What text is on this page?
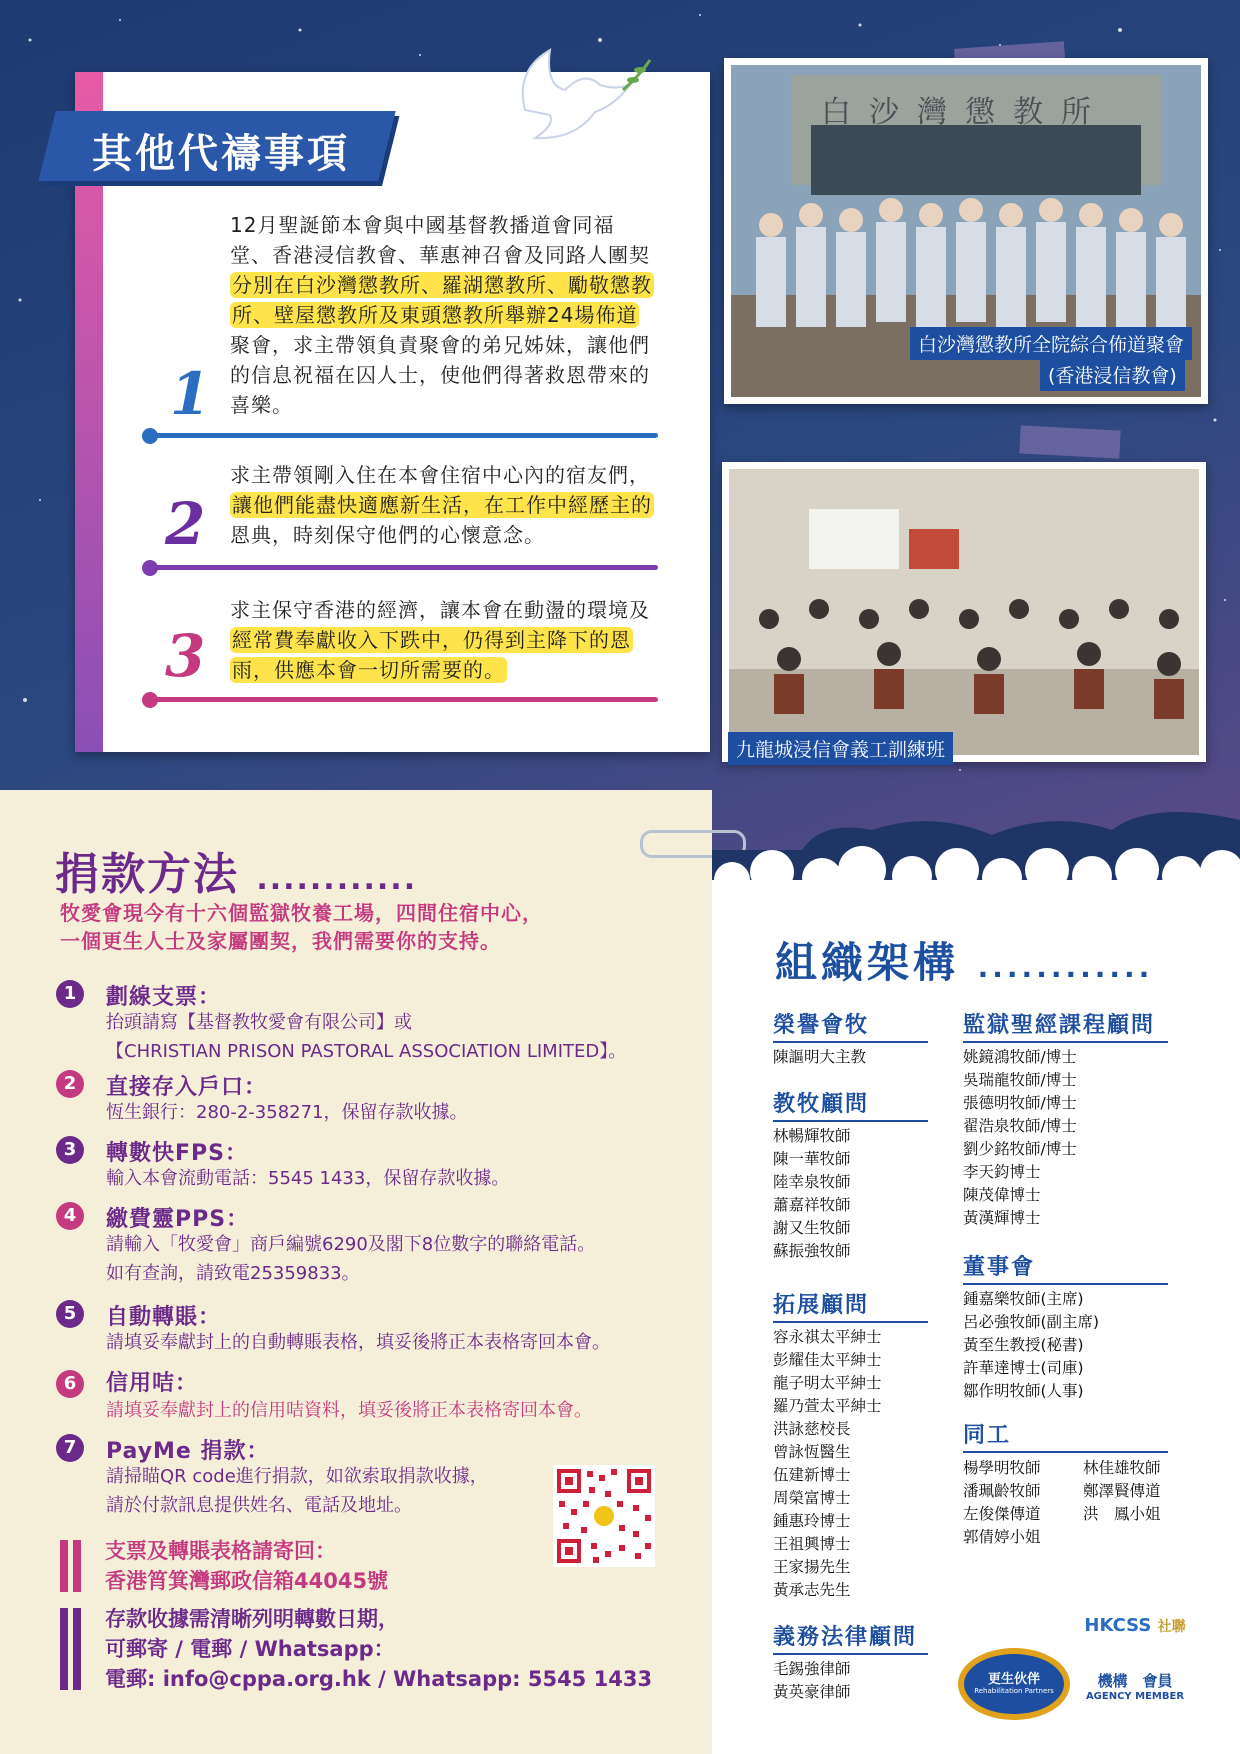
其他代禱事項
12月聖誕節本會與中國基督教播道會同福
堂、香港浸信教會、華惠神召會及同路人團契
分別在白沙灣懲教所、羅湖懲教所、勵敬懲教
所、壁屋懲教所及東頭懲教所舉辦24場佈道
聚會，求主帶領負責聚會的弟兄姊妹，讓他們
的信息祝福在囚人士，使他們得著救恩帶來的
喜樂。
1
求主帶領剛入住在本會住宿中心內的宿友們，
讓他們能盡快適應新生活，在工作中經歷主的
恩典，時刻保守他們的心懷意念。
2
求主保守香港的經濟，讓本會在動盪的環境及
經常費奉獻收入下跌中，仍得到主降下的恩
雨，供應本會一切所需要的。
3
白沙灣懲教所
白沙灣懲教所全院綜合佈道聚會
(香港浸信教會)
九龍城浸信會義工訓練班
捐款方法 ............
牧愛會現今有十六個監獄牧養工場，四間住宿中心，
一個更生人士及家屬團契，我們需要你的支持。
1	劃線支票：
抬頭請寫【基督教牧愛會有限公司】或
【CHRISTIAN PRISON PASTORAL ASSOCIATION LIMITED】。
2	直接存入戶口：
恆生銀行：280-2-358271，保留存款收據。
3	轉數快FPS：
輸入本會流動電話：5545 1433，保留存款收據。
4	繳費靈PPS：
請輸入「牧愛會」商戶編號6290及閣下8位數字的聯絡電話。
如有查詢，請致電25359833。
5	自動轉賬：
請填妥奉獻封上的自動轉賬表格，填妥後將正本表格寄回本會。
6	信用咭：
請填妥奉獻封上的信用咭資料，填妥後將正本表格寄回本會。
7	PayMe 捐款：
請掃瞄QR code進行捐款，如欲索取捐款收據，
請於付款訊息提供姓名、電話及地址。
支票及轉賬表格請寄回：
香港筲箕灣郵政信箱44045號
存款收據需清晰列明轉數日期，
可郵寄 / 電郵 / Whatsapp：
電郵: info@cppa.org.hk / Whatsapp: 5545 1433
組織架構 ............
榮譽會牧
陳謳明大主教
教牧顧問
林暢輝牧師
陳一華牧師
陸幸泉牧師
蕭嘉祥牧師
謝又生牧師
蘇振強牧師
拓展顧問
容永祺太平紳士
彭耀佳太平紳士
龍子明太平紳士
羅乃萱太平紳士
洪詠慈校長
曾詠恆醫生
伍建新博士
周榮富博士
鍾惠玲博士
王祖興博士
王家揚先生
黃承志先生
義務法律顧問
毛錫強律師
黃英豪律師
監獄聖經課程顧問
姚鏡鴻牧師/博士
吳瑞龍牧師/博士
張德明牧師/博士
翟浩泉牧師/博士
劉少銘牧師/博士
李天鈞博士
陳茂偉博士
黃漢輝博士
董事會
鍾嘉樂牧師(主席)
呂必強牧師(副主席)
黃至生教授(秘書)
許華達博士(司庫)
鄒作明牧師(人事)
同工
楊學明牧師
潘珮齡牧師
左俊傑傳道
郭倩婷小姐
林佳雄牧師
鄭澤賢傳道
洪　鳳小姐
更生伙伴
Rehabilitation Partners
HKCSS 社聯
機構　會員
AGENCY MEMBER
